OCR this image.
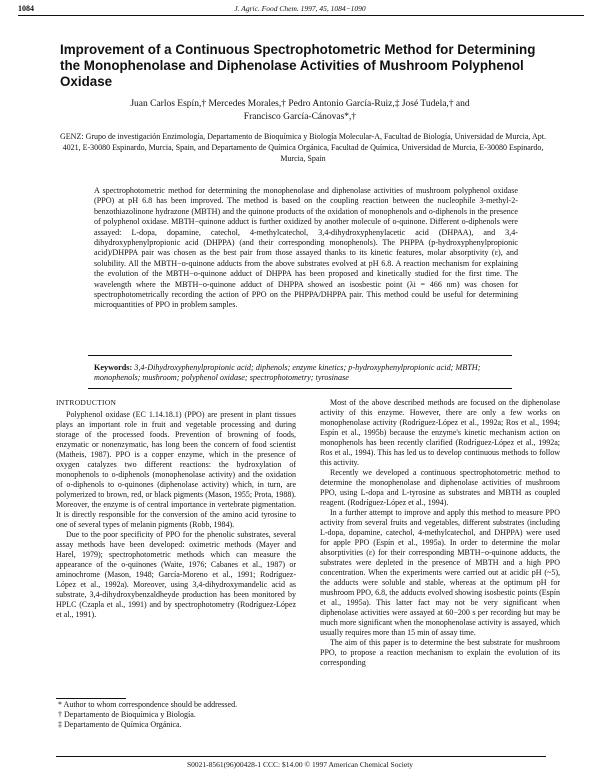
1084	J. Agric. Food Chem. 1997, 45, 1084−1090
Improvement of a Continuous Spectrophotometric Method for Determining the Monophenolase and Diphenolase Activities of Mushroom Polyphenol Oxidase
Juan Carlos Espín,† Mercedes Morales,† Pedro Antonio García-Ruiz,‡ José Tudela,† and
Francisco García-Cánovas*,†
GENZ: Grupo de investigación Enzimología, Departamento de Bioquímica y Biología Molecular-A, Facultad de Biología, Universidad de Murcia, Apt. 4021, E-30080 Espinardo, Murcia, Spain, and Departamento de Química Orgánica, Facultad de Química, Universidad de Murcia, E-30080 Espinardo, Murcia, Spain

A spectrophotometric method for determining the monophenolase and diphenolase activities of mushroom polyphenol oxidase (PPO) at pH 6.8 has been improved. The method is based on the coupling reaction between the nucleophile 3-methyl-2-benzothiazolinone hydrazone (MBTH) and the quinone products of the oxidation of monophenols and o-diphenols in the presence of polyphenol oxidase. MBTH−quinone adduct is further oxidized by another molecule of o-quinone. Different o-diphenols were assayed: L-dopa, dopamine, catechol, 4-methylcatechol, 3,4-dihydroxyphenylacetic acid (DHPAA), and 3,4-dihydroxyphenylpropionic acid (DHPPA) (and their corresponding monophenols). The PHPPA (p-hydroxyphenylpropionic acid)/DHPPA pair was chosen as the best pair from those assayed thanks to its kinetic features, molar absorptivity (ε), and solubility. All the MBTH−o-quinone adducts from the above substrates evolved at pH 6.8. A reaction mechanism for explaining the evolution of the MBTH−o-quinone adduct of DHPPA has been proposed and kinetically studied for the first time. The wavelength where the MBTH−o-quinone adduct of DHPPA showed an isosbestic point (λi = 466 nm) was chosen for spectrophotometrically recording the action of PPO on the PHPPA/DHPPA pair. This method could be useful for determining microquantities of PPO in problem samples.

Keywords: 3,4-Dihydroxyphenylpropionic acid; diphenols; enzyme kinetics; p-hydroxyphenylpropionic acid; MBTH; monophenols; mushroom; polyphenol oxidase; spectrophotometry; tyrosinase

INTRODUCTION

Polyphenol oxidase (EC 1.14.18.1) (PPO) are present in plant tissues plays an important role in fruit and vegetable processing and during storage of the processed foods. Prevention of browning of foods, enzymatic or nonenzymatic, has long been the concern of food scientist (Matheis, 1987). PPO is a copper enzyme, which in the presence of oxygen catalyzes two different reactions: the hydroxylation of monophenols to o-diphenols (monophenolase activity) and the oxidation of o-diphenols to o-quinones (diphenolase activity) which, in turn, are polymerized to brown, red, or black pigments (Mason, 1955; Prota, 1988). Moreover, the enzyme is of central importance in vertebrate pigmentation. It is directly responsible for the conversion of the amino acid tyrosine to one of several types of melanin pigments (Robb, 1984).

Due to the poor specificity of PPO for the phenolic substrates, several assay methods have been developed: oximetric methods (Mayer and Harel, 1979); spectrophotometric methods which can measure the appearance of the o-quinones (Waite, 1976; Cabanes et al., 1987) or aminochrome (Mason, 1948; García-Moreno et al., 1991; Rodríguez-López et al., 1992a). Moreover, using 3,4-dihydroxymandelic acid as substrate, 3,4-dihydroxybenzaldheyde production has been monitored by HPLC (Czapla et al., 1991) and by spectrophotometry (Rodríguez-López et al., 1991).

Most of the above described methods are focused on the diphenolase activity of this enzyme. However, there are only a few works on monophenolase activity (Rodríguez-López et al., 1992a; Ros et al., 1994; Espín et al., 1995b) because the enzyme's kinetic mechanism action on monophenols has been recently clarified (Rodríguez-López et al., 1992a; Ros et al., 1994). This has led us to develop continuous methods to follow this activity.

Recently we developed a continuous spectrophotometric method to determine the monophenolase and diphenolase activities of mushroom PPO, using L-dopa and L-tyrosine as substrates and MBTH as coupled reagent. (Rodríguez-López et al., 1994).

In a further attempt to improve and apply this method to measure PPO activity from several fruits and vegetables, different substrates (including L-dopa, dopamine, catechol, 4-methylcatechol, and DHPPA) were used for apple PPO (Espín et al., 1995a). In order to determine the molar absorptivities (ε) for their corresponding MBTH−o-quinone adducts, the substrates were depleted in the presence of MBTH and a high PPO concentration. When the experiments were carried out at acidic pH (~5), the adducts were soluble and stable, whereas at the optimum pH for mushroom PPO, 6.8, the adducts evolved showing isosbestic points (Espín et al., 1995a). This latter fact may not be very significant when diphenolase activities were assayed at 60−200 s per recording but may be much more significant when the monophenolase activity is assayed, which usually requires more than 15 min of assay time.

The aim of this paper is to determine the best substrate for mushroom PPO, to propose a reaction mechanism to explain the evolution of its corresponding

* Author to whom correspondence should be addressed.

† Departamento de Bioquímica y Biología.

‡ Departamento de Química Orgánica.

S0021-8561(96)00428-1 CCC: $14.00 © 1997 American Chemical Society
